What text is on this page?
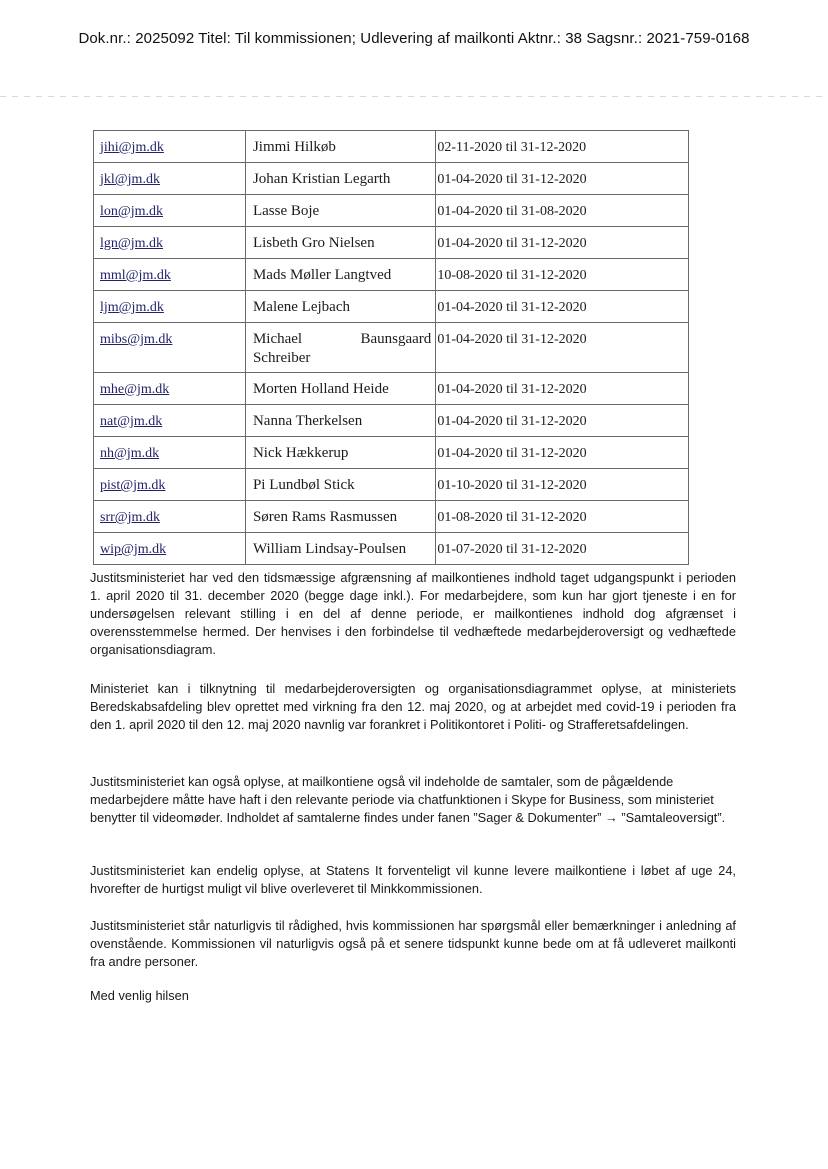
Dok.nr.: 2025092 Titel: Til kommissionen; Udlevering af mailkonti Aktnr.: 38 Sagsnr.: 2021-759-0168
jihi@jm.dk	Jimmi Hilkøb	02-11-2020 til 31-12-2020
jkl@jm.dk	Johan Kristian Legarth	01-04-2020 til 31-12-2020
lon@jm.dk	Lasse Boje	01-04-2020 til 31-08-2020
lgn@jm.dk	Lisbeth Gro Nielsen	01-04-2020 til 31-12-2020
mml@jm.dk	Mads Møller Langtved	10-08-2020 til 31-12-2020
ljm@jm.dk	Malene Lejbach	01-04-2020 til 31-12-2020
mibs@jm.dk	Michael Baunsgaard Schreiber	01-04-2020 til 31-12-2020
mhe@jm.dk	Morten Holland Heide	01-04-2020 til 31-12-2020
nat@jm.dk	Nanna Therkelsen	01-04-2020 til 31-12-2020
nh@jm.dk	Nick Hækkerup	01-04-2020 til 31-12-2020
pist@jm.dk	Pi Lundbøl Stick	01-10-2020 til 31-12-2020
srr@jm.dk	Søren Rams Rasmussen	01-08-2020 til 31-12-2020
wip@jm.dk	William Lindsay-Poulsen	01-07-2020 til 31-12-2020

Justitsministeriet har ved den tidsmæssige afgrænsning af mailkontienes indhold taget udgangspunkt i perioden 1. april 2020 til 31. december 2020 (begge dage inkl.). For medarbejdere, som kun har gjort tjeneste i en for undersøgelsen relevant stilling i en del af denne periode, er mailkontienes indhold dog afgrænset i overensstemmelse hermed. Der henvises i den forbindelse til vedhæftede medarbejderoversigt og vedhæftede organisationsdiagram.

Ministeriet kan i tilknytning til medarbejderoversigten og organisationsdiagrammet oplyse, at ministeriets Beredskabsafdeling blev oprettet med virkning fra den 12. maj 2020, og at arbejdet med covid-19 i perioden fra den 1. april 2020 til den 12. maj 2020 navnlig var forankret i Politikontoret i Politi- og Strafferetsafdelingen.

Justitsministeriet kan også oplyse, at mailkontiene også vil indeholde de samtaler, som de pågældende medarbejdere måtte have haft i den relevante periode via chatfunktionen i Skype for Business, som ministeriet benytter til videomøder. Indholdet af samtalerne findes under fanen ”Sager & Dokumenter” → ”Samtaleoversigt”.

Justitsministeriet kan endelig oplyse, at Statens It forventeligt vil kunne levere mailkontiene i løbet af uge 24, hvorefter de hurtigst muligt vil blive overleveret til Minkkommissionen.

Justitsministeriet står naturligvis til rådighed, hvis kommissionen har spørgsmål eller bemærkninger i anledning af ovenstående. Kommissionen vil naturligvis også på et senere tidspunkt kunne bede om at få udleveret mailkonti fra andre personer.

Med venlig hilsen
